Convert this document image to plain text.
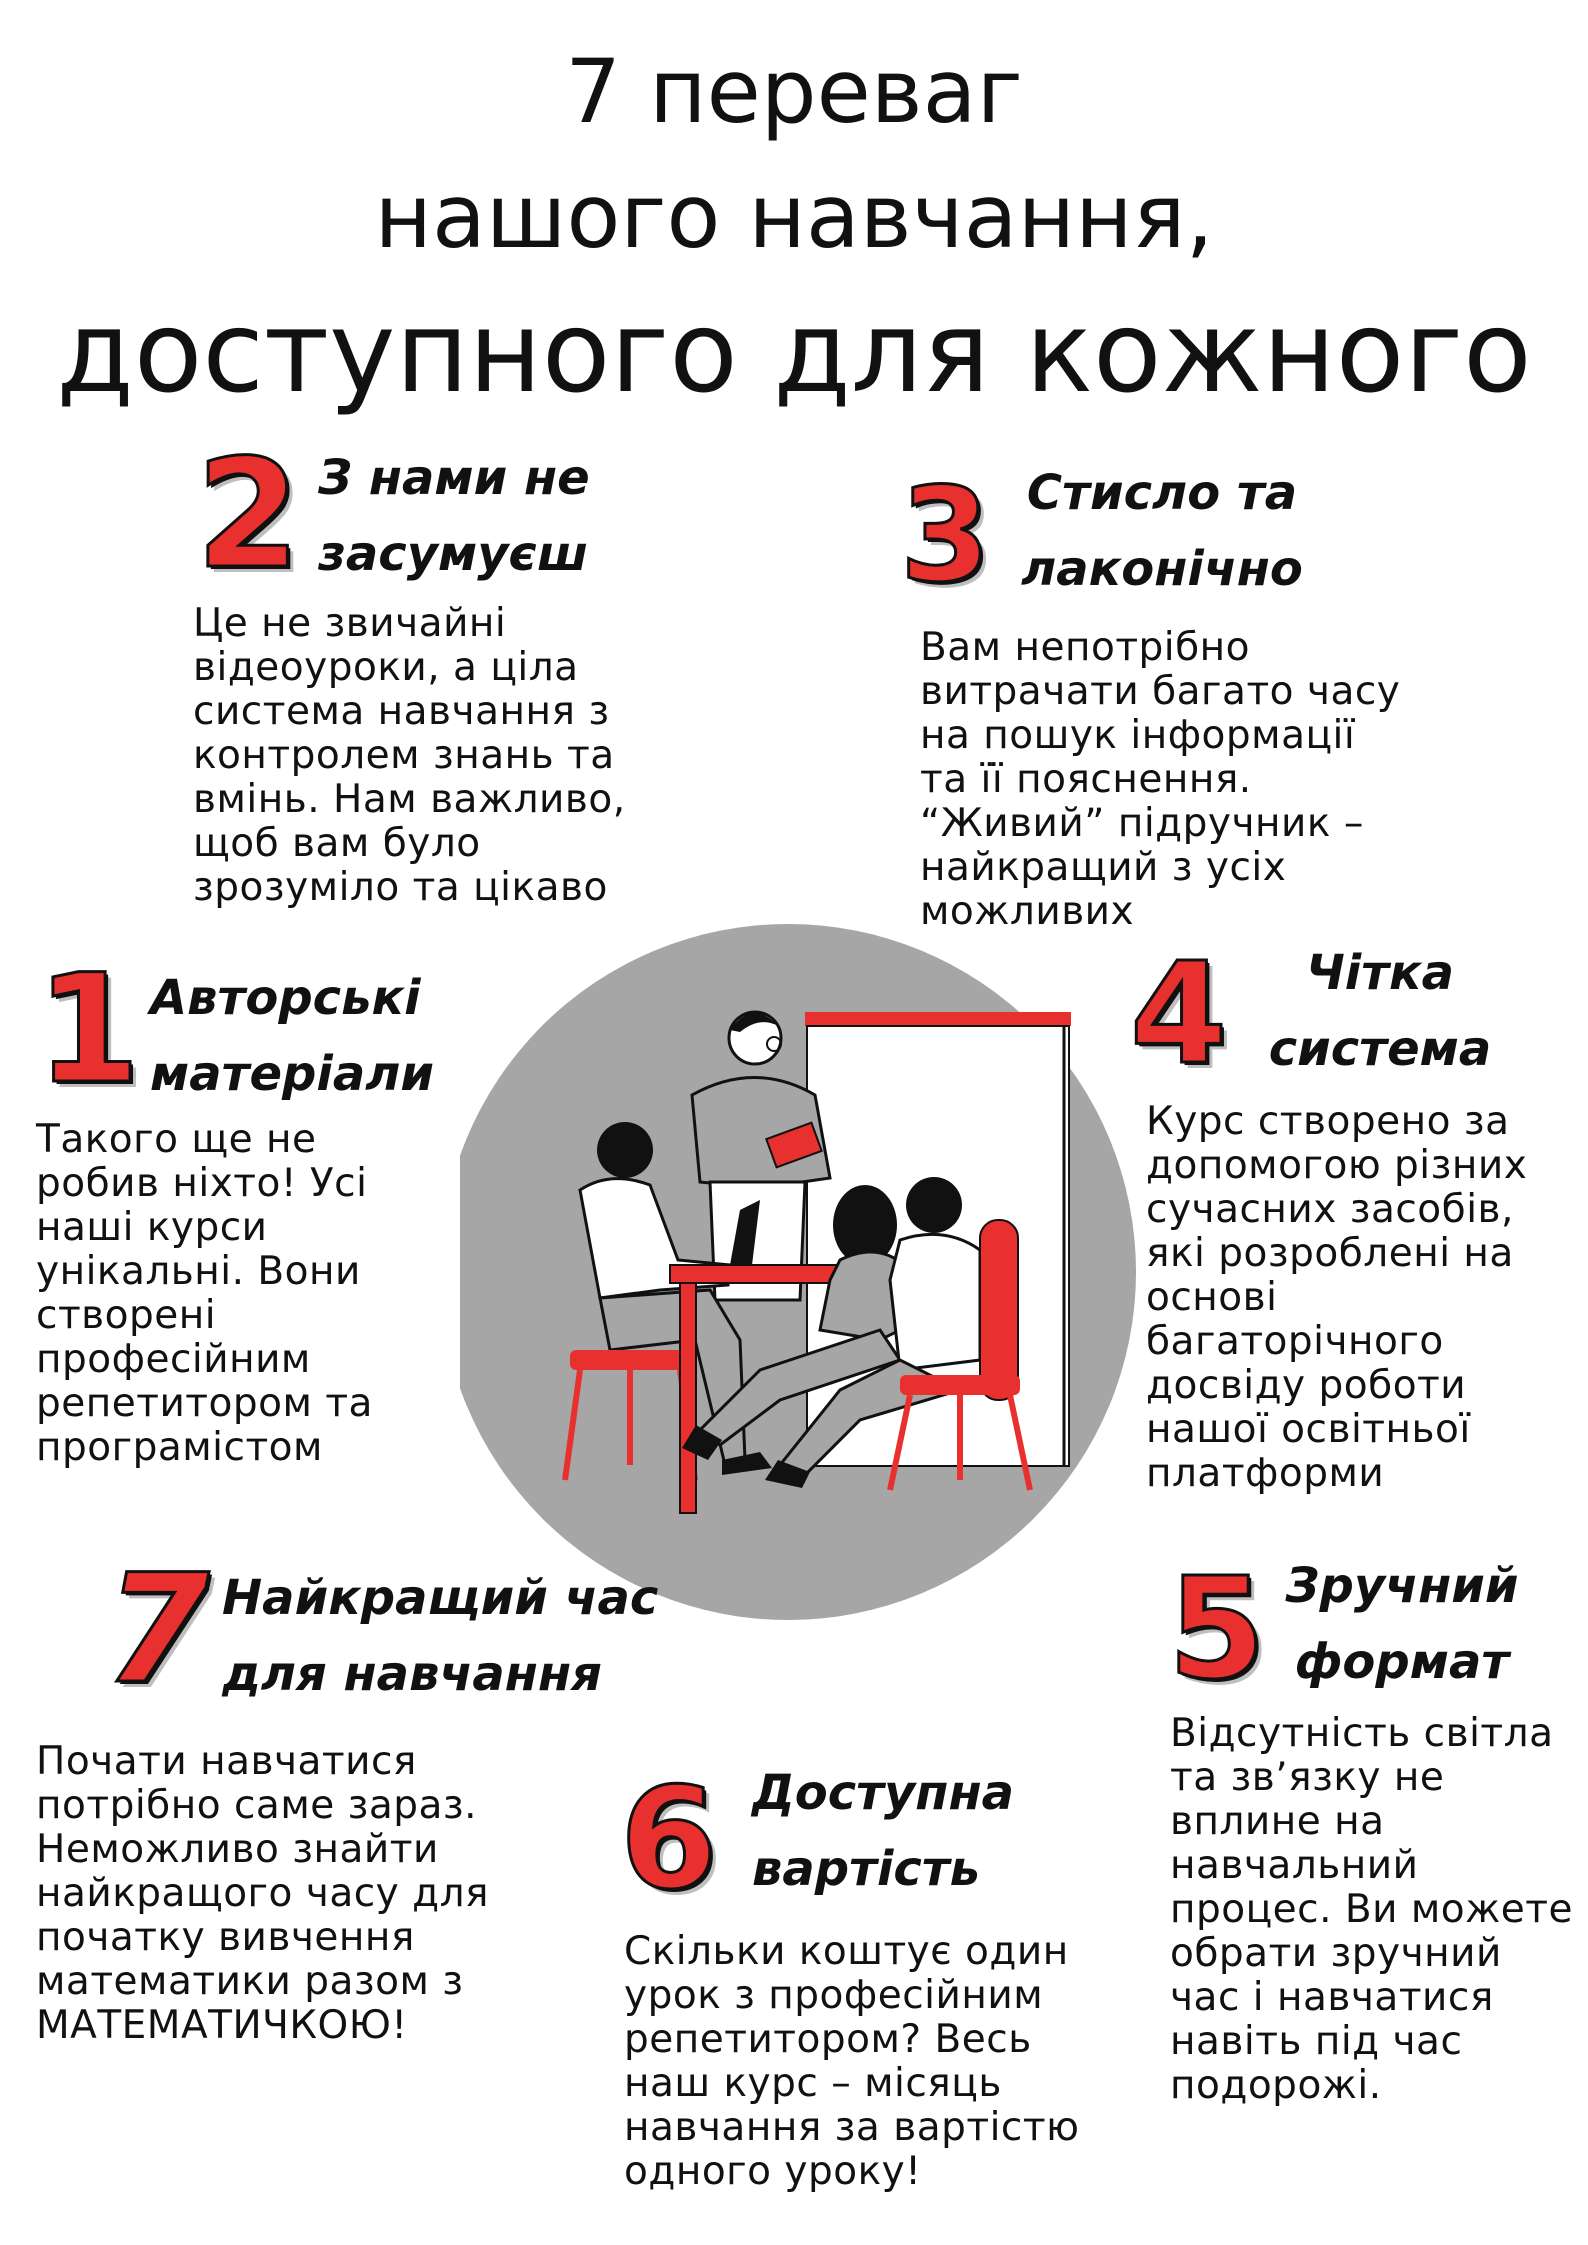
7 переваг
нашого навчання,
доступного для кожного
2 З нами не
засумуєш
Це не звичайні
відеоуроки, а ціла
система навчання з
контролем знань та
вмінь. Нам важливо,
щоб вам було
зрозуміло та цікаво
3 Стисло та
лаконічно
Вам непотрібно
витрачати багато часу
на пошук інформації
та її пояснення.
“Живий” підручник –
найкращий з усіх
можливих
1 Авторські
матеріали
Такого ще не
робив ніхто! Усі
наші курси
унікальні. Вони
створені
професійним
репетитором та
програмістом
4	Чітка
система
Курс створено за
допомогою різних
сучасних засобів,
які розроблені на
основі
багаторічного
досвіду роботи
нашої освітньої
платформи
7 Найкращий час
для навчання
Почати навчатися
потрібно саме зараз.
Неможливо знайти
найкращого часу для
початку вивчення
математики разом з
МАТЕМАТИЧКОЮ!
5 Зручний
формат
Відсутність світла
та зв’язку не
вплине на
навчальний
процес. Ви можете
обрати зручний
час і навчатися
навіть під час
подорожі.
6 Доступна
вартість
Скільки коштує один
урок з професійним
репетитором? Весь
наш курс – місяць
навчання за вартістю
одного уроку!
